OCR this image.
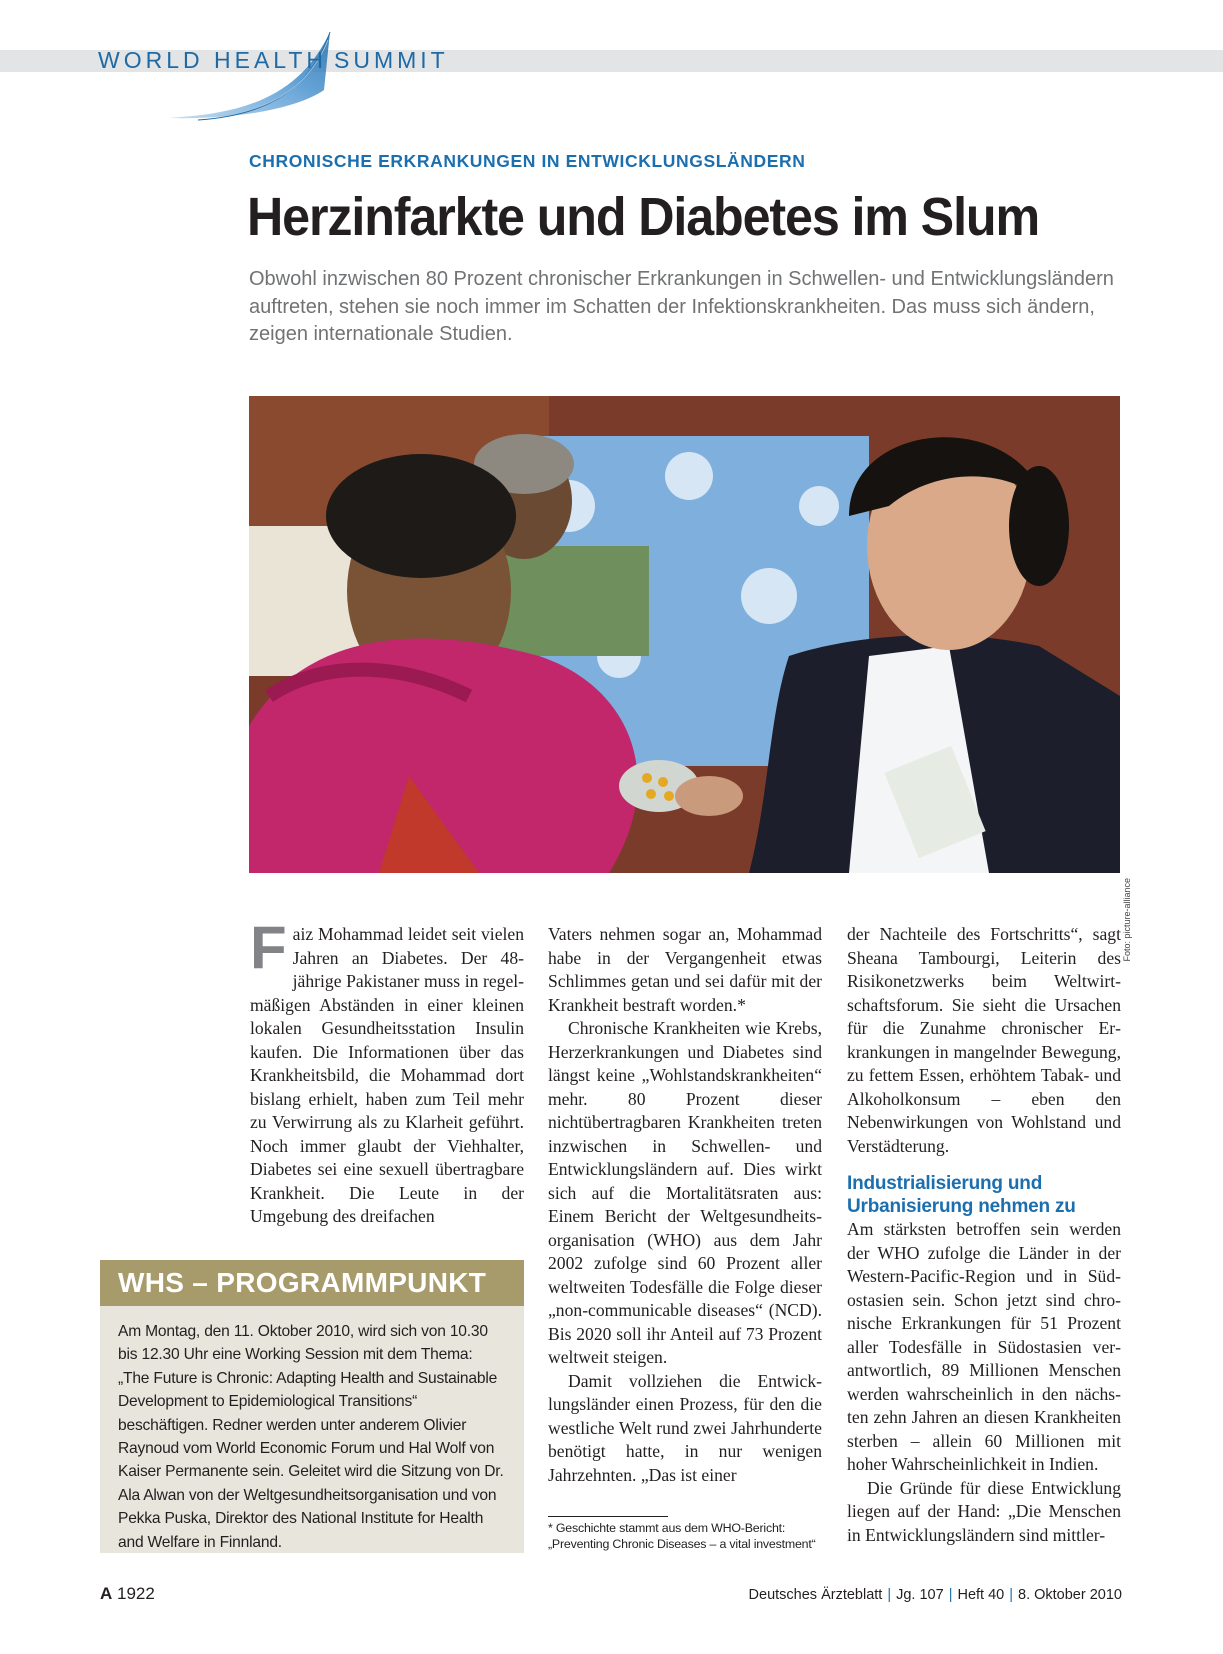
WORLD HEALTH SUMMIT
CHRONISCHE ERKRANKUNGEN IN ENTWICKLUNGSLÄNDERN
Herzinfarkte und Diabetes im Slum
Obwohl inzwischen 80 Prozent chronischer Erkrankungen in Schwellen- und Entwicklungsländern auftreten, stehen sie noch immer im Schatten der Infektionskrankheiten. Das muss sich ändern, zeigen internationale Studien.
Foto: picture-alliance
F aiz Mohammad leidet seit vielen Jahren an Diabetes. Der 48-jährige Pakistaner muss in regelmäßigen Abständen in einer kleinen lokalen Gesundheitsstation Insulin kaufen. Die Informationen über das Krankheitsbild, die Mohammad dort bislang erhielt, haben zum Teil mehr zu Verwirrung als zu Klarheit geführt. Noch immer glaubt der Viehhalter, Diabetes sei eine sexuell übertragbare Krankheit. Die Leute in der Umgebung des dreifachen

WHS – PROGRAMMPUNKT
Am Montag, den 11. Oktober 2010, wird sich von 10.30 bis 12.30 Uhr eine Working Session mit dem Thema: „The Future is Chronic: Adapting Health and Sustainable Development to Epidemiological Transitions“ beschäftigen. Redner werden unter anderem Olivier Raynoud vom World Economic Forum und Hal Wolf von Kaiser Permanente sein. Geleitet wird die Sitzung von Dr. Ala Alwan von der Weltgesundheitsorganisation und von Pekka Puska, Direktor des National Institute for Health and Welfare in Finnland.

Vaters nehmen sogar an, Mohammad habe in der Vergangenheit etwas Schlimmes getan und sei dafür mit der Krankheit bestraft worden.*

Chronische Krankheiten wie Krebs, Herzerkrankungen und Diabetes sind längst keine „Wohlstandskrankheiten“ mehr. 80 Prozent dieser nichtübertragbaren Krankheiten treten inzwischen in Schwellen- und Entwicklungsländern auf. Dies wirkt sich auf die Mortalitätsraten aus: Einem Bericht der Weltgesundheitsorganisation (WHO) aus dem Jahr 2002 zufolge sind 60 Prozent aller weltweiten Todesfälle die Folge dieser „non-communicable diseases“ (NCD). Bis 2020 soll ihr Anteil auf 73 Prozent weltweit steigen.

Damit vollziehen die Entwicklungsländer einen Prozess, für den die westliche Welt rund zwei Jahrhunderte benötigt hatte, in nur wenigen Jahrzehnten. „Das ist einer

* Geschichte stammt aus dem WHO-Bericht: „Preventing Chronic Diseases – a vital investment“

der Nachteile des Fortschritts“, sagt Sheana Tambourgi, Leiterin des Risikonetzwerks beim Weltwirtschaftsforum. Sie sieht die Ursachen für die Zunahme chronischer Erkrankungen in mangelnder Bewegung, zu fettem Essen, erhöhtem Tabak- und Alkoholkonsum – eben den Nebenwirkungen von Wohlstand und Verstädterung.

Industrialisierung und Urbanisierung nehmen zu

Am stärksten betroffen sein werden der WHO zufolge die Länder in der Western-Pacific-Region und in Südostasien sein. Schon jetzt sind chronische Erkrankungen für 51 Prozent aller Todesfälle in Südostasien verantwortlich, 89 Millionen Menschen werden wahrscheinlich in den nächsten zehn Jahren an diesen Krankheiten sterben – allein 60 Millionen mit hoher Wahrscheinlichkeit in Indien.

Die Gründe für diese Entwicklung liegen auf der Hand: „Die Menschen in Entwicklungsländern sind mittler-

A 1922	Deutsches Ärzteblatt | Jg. 107 | Heft 40 | 8. Oktober 2010
